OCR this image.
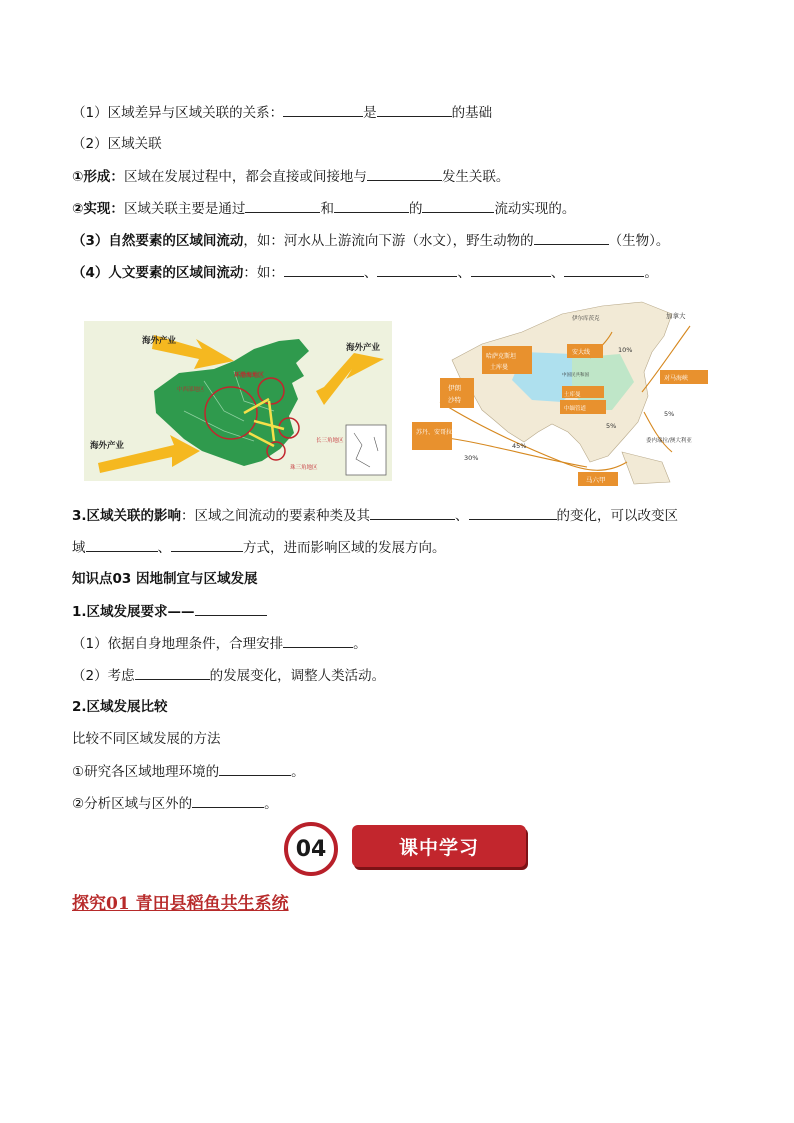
（1）区域差异与区域关联的关系：	是	的基础
（2）区域关联
①形成：区域在发展过程中，都会直接或间接地与	发生关联。
②实现：区域关联主要是通过	和	的	流动实现的。
（3）自然要素的区域间流动，如：河水从上游流向下游（水文），野生动物的	（生物）。
（4）人文要素的区域间流动：如：	、	、	、	。
海外产业
海外产业
海外产业
环渤海地区
中西部地区
长三角地区
珠三角地区
加拿大
伊尔库茨克
安大线	10%
哈萨克斯坦
土库曼
伊朗
沙特
中国民共和国
土库曼
中缅管道
对马海峡
苏丹、安哥拉
45%
30%
5%
5%
委内瑞拉/澳大利亚
马六甲
3.区域关联的影响：区域之间流动的要素种类及其	、	的变化，可以改变区
域	、	方式，进而影响区域的发展方向。
知识点03 因地制宜与区域发展
1.区域发展要求——
（1）依据自身地理条件，合理安排	。
（2）考虑	的发展变化，调整人类活动。
2.区域发展比较
比较不同区域发展的方法
①研究各区域地理环境的	。
②分析区域与区外的	。
04	课中学习
探究01 青田县稻鱼共生系统
